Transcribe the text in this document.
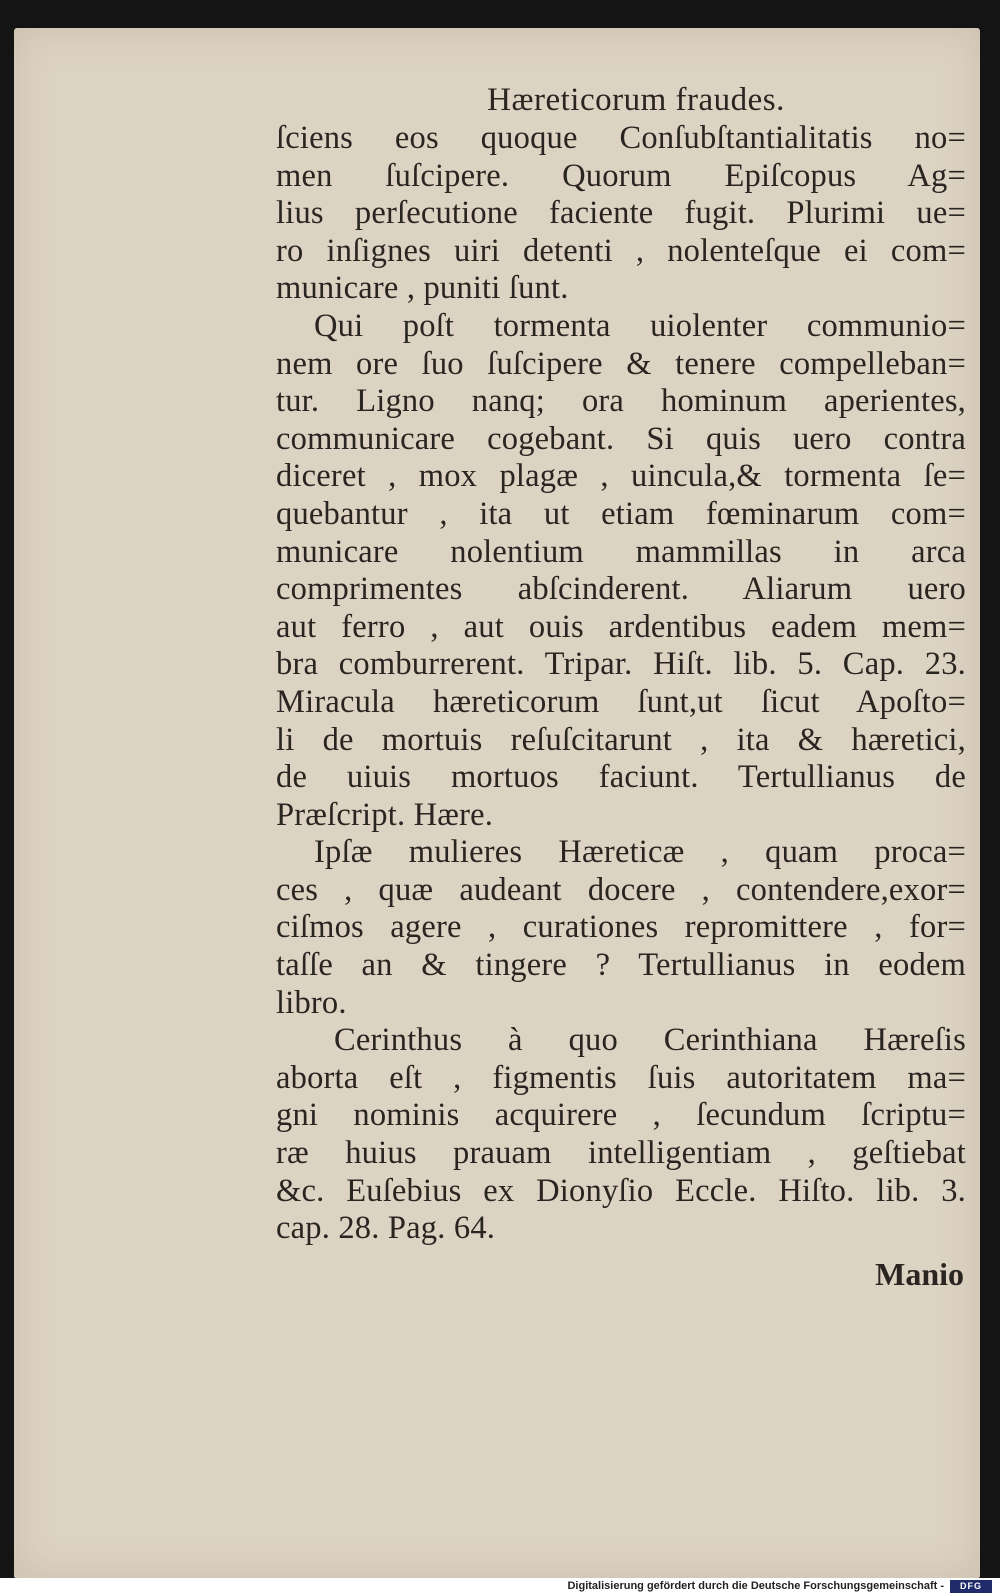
Hæreticorum fraudes.
ſciens eos quoque Conſubſtantialitatis no=
men ſuſcipere. Quorum Epiſcopus Ag=
lius perſecutione faciente fugit. Plurimi ue=
ro inſignes uiri detenti , nolenteſque ei com=
municare , puniti ſunt.
Qui poſt tormenta uiolenter communio=
nem ore ſuo ſuſcipere & tenere compelleban=
tur. Ligno nanq; ora hominum aperientes,
communicare cogebant. Si quis uero contra
diceret , mox plagæ , uincula,& tormenta ſe=
quebantur , ita ut etiam fœminarum com=
municare nolentium mammillas in arca
comprimentes abſcinderent. Aliarum uero
aut ferro , aut ouis ardentibus eadem mem=
bra comburrerent. Tripar. Hiſt. lib. 5. Cap. 23.
Miracula hæreticorum ſunt,ut ſicut Apoſto=
li de mortuis reſuſcitarunt , ita & hæretici,
de uiuis mortuos faciunt. Tertullianus de
Præſcript. Hære.
Ipſæ mulieres Hæreticæ , quam proca=
ces , quæ audeant docere , contendere,exor=
ciſmos agere , curationes repromittere , for=
taſſe an & tingere ? Tertullianus in eodem
libro.
Cerinthus à quo Cerinthiana Hæreſis
aborta eſt , figmentis ſuis autoritatem ma=
gni nominis acquirere , ſecundum ſcriptu=
ræ huius prauam intelligentiam , geſtiebat
&c. Euſebius ex Dionyſio Eccle. Hiſto. lib. 3.
cap. 28. Pag. 64.
Manio
Digitalisierung gefördert durch die Deutsche Forschungsgemeinschaft -	DFG
